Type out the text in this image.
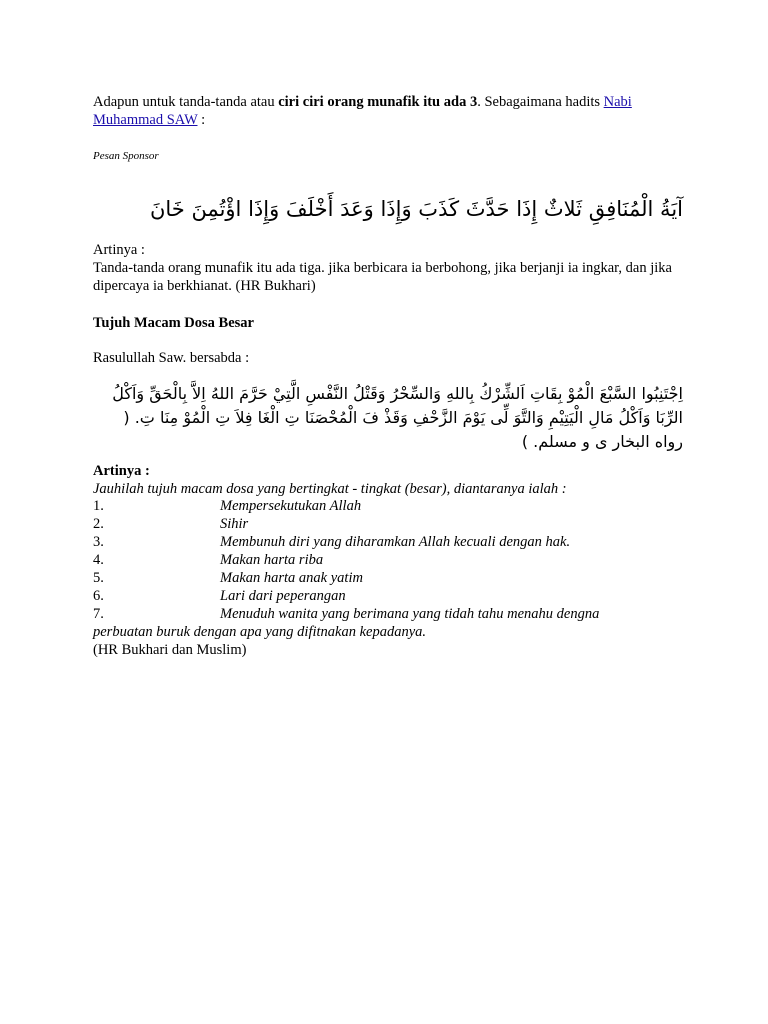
Adapun untuk tanda-tanda atau ciri ciri orang munafik itu ada 3. Sebagaimana hadits Nabi Muhammad SAW :
Pesan Sponsor
آيَةُ الْمُنَافِقِ ثَلاثٌ إِذَا حَدَّثَ كَذَبَ وَإِذَا وَعَدَ أَخْلَفَ وَإِذَا اؤْتُمِنَ خَانَ
Artinya :
Tanda-tanda orang munafik itu ada tiga. jika berbicara ia berbohong, jika berjanji ia ingkar, dan jika dipercaya ia berkhianat. (HR Bukhari)
Tujuh Macam Dosa Besar
Rasulullah Saw. bersabda :
اِجْتَنِبُوا السَّبْعَ الْمُوْ بِقَاتِ اَلشِّرْكُ بِاللهِ وَالسِّحْرُ وَقَتْلُ النَّفْسِ الَّتِيْ حَرَّمَ اللهُ اِلاَّ بِالْحَقِّ وَاَكْلُ الرِّبَا وَاَكْلُ مَالِ الْيَتِيْمِ وَالتَّوَ لِّى يَوْمَ الزَّحْفِ وَقَذْ فَ الْمُحْصَنَا تِ الْغَا فِلاَ تِ الْمُوْ مِنَا تِ. ( رواه البخار ى و مسلم. )
Artinya :
Jauhilah tujuh macam dosa yang bertingkat - tingkat (besar), diantaranya ialah :
1.	Mempersekutukan Allah
2.	Sihir
3.	Membunuh diri yang diharamkan Allah kecuali dengan hak.
4.	Makan harta riba
5.	Makan harta anak yatim
6.	Lari dari peperangan
7.	Menuduh wanita yang berimana yang tidah tahu menahu dengna
perbuatan buruk dengan apa yang difitnakan kepadanya.
(HR Bukhari dan Muslim)
